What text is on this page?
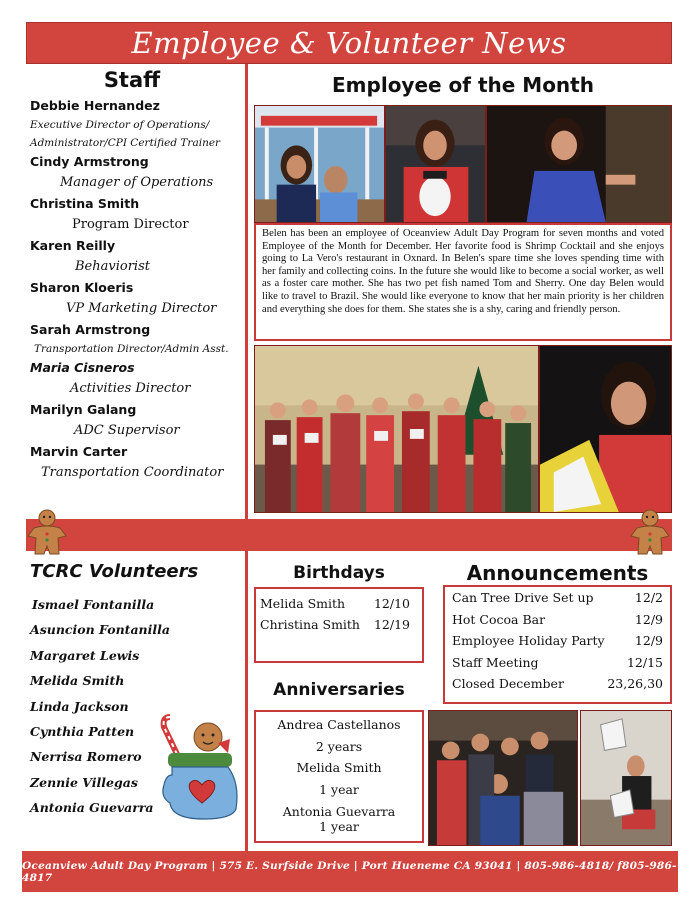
Employee & Volunteer News
Staff
Debbie Hernandez
Executive Director of Operations/
Administrator/CPI Certified Trainer
Cindy Armstrong
Manager of Operations
Christina Smith
Program Director
Karen Reilly
Behaviorist
Sharon Kloeris
VP Marketing Director
Sarah Armstrong
Transportation Director/Admin Asst.
Maria Cisneros
Activities Director
Marilyn Galang
ADC Supervisor
Marvin Carter
Transportation Coordinator
Employee of the Month
Belen has been an employee of Oceanview Adult Day Program for seven months and voted Employee of the Month for December. Her favorite food is Shrimp Cocktail and she enjoys going to La Vero's restaurant in Oxnard. In Belen's spare time she loves spending time with her family and collecting coins. In the future she would like to become a social worker, as well as a foster care mother. She has two pet fish named Tom and Sherry. One day Belen would like to travel to Brazil. She would like everyone to know that her main priority is her children and everything she does for them. She states she is a shy, caring and friendly person.
TCRC Volunteers
Ismael Fontanilla
Asuncion Fontanilla
Margaret Lewis
Melida Smith
Linda Jackson
Cynthia Patten
Nerrisa Romero
Zennie Villegas
Antonia Guevarra
Birthdays
Melida Smith 12/10
Christina Smith 12/19
Anniversaries
Andrea Castellanos
2 years
Melida Smith
1 year
Antonia Guevarra
1 year
Announcements
Can Tree Drive Set up	12/2
Hot Cocoa Bar	12/9
Employee Holiday Party 12/9
Staff Meeting	12/15
Closed December	23,26,30
Oceanview Adult Day Program | 575 E. Surfside Drive | Port Hueneme CA 93041 | 805-986-4818/ f805-986-4817
